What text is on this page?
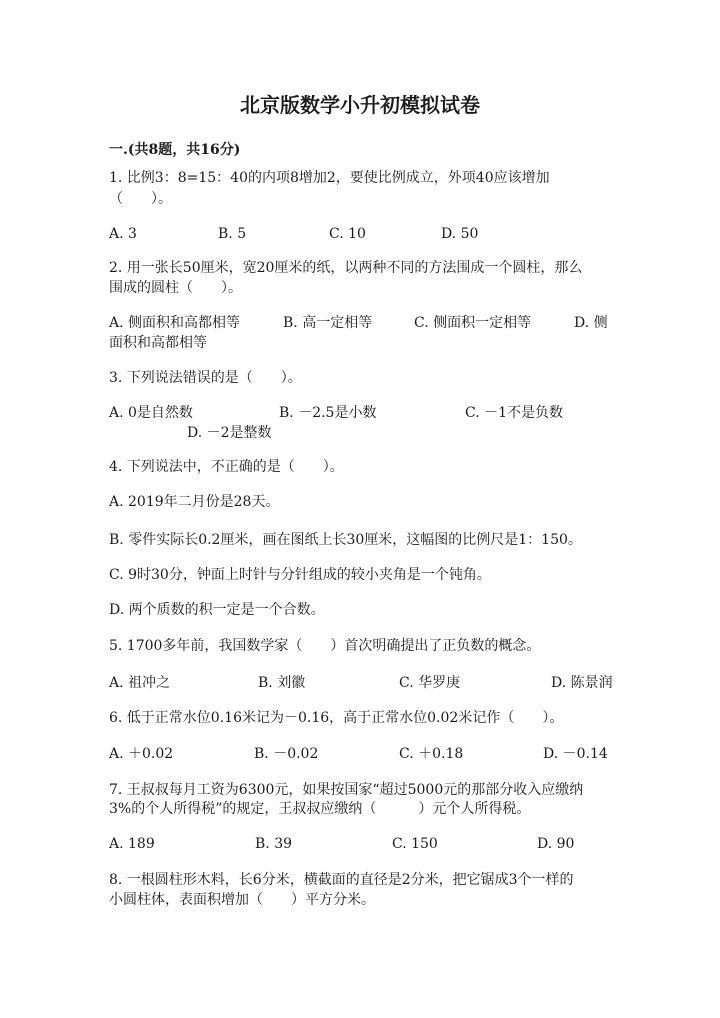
北京版数学小升初模拟试卷
一.(共8题，共16分)
1. 比例3：8=15：40的内项8增加2，要使比例成立，外项40应该增加
（　　）。
A. 3	B. 5	C. 10	D. 50
2. 用一张长50厘米，宽20厘米的纸，以两种不同的方法围成一个圆柱，那么
围成的圆柱（　　）。
A. 侧面积和高都相等	B. 高一定相等	C. 侧面积一定相等	D. 侧
面积和高都相等
3. 下列说法错误的是（　　）。
A. 0是自然数	B. －2.5是小数	C. －1不是负数
D. －2是整数
4. 下列说法中，不正确的是（　　）。
A. 2019年二月份是28天。
B. 零件实际长0.2厘米，画在图纸上长30厘米，这幅图的比例尺是1：150。
C. 9时30分，钟面上时针与分针组成的较小夹角是一个钝角。
D. 两个质数的积一定是一个合数。
5. 1700多年前，我国数学家（　　）首次明确提出了正负数的概念。
A. 祖冲之	B. 刘徽	C. 华罗庚	D. 陈景润
6. 低于正常水位0.16米记为－0.16，高于正常水位0.02米记作（　　）。
A. ＋0.02	B. －0.02	C. ＋0.18	D. －0.14
7. 王叔叔每月工资为6300元，如果按国家“超过5000元的那部分收入应缴纳
3%的个人所得税”的规定，王叔叔应缴纳（　　　）元个人所得税。
A. 189	B. 39	C. 150	D. 90
8. 一根圆柱形木料，长6分米，横截面的直径是2分米，把它锯成3个一样的
小圆柱体，表面积增加（　　）平方分米。
